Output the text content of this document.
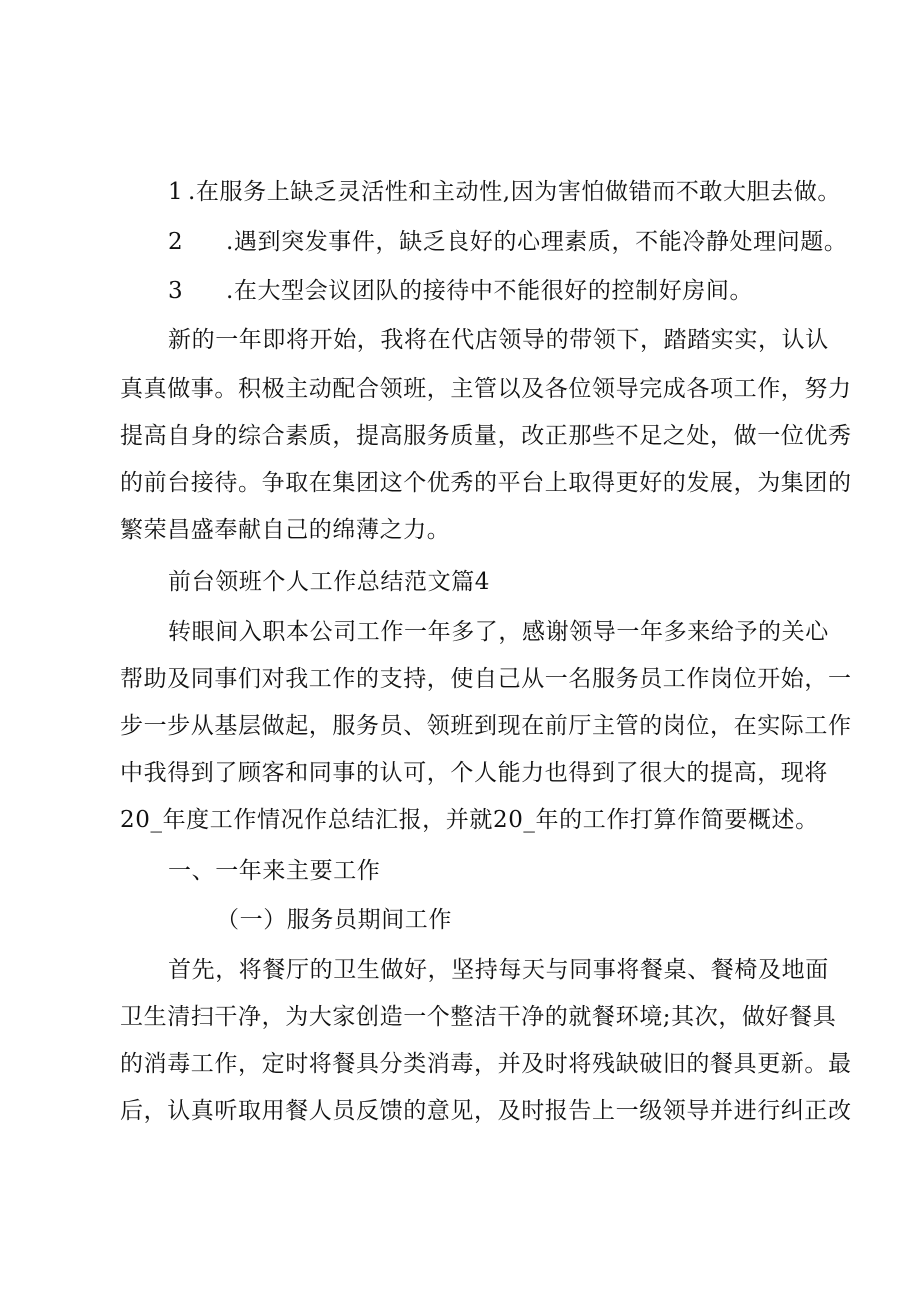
1 .在服务上缺乏灵活性和主动性,因为害怕做错而不敢大胆去做。
2 .遇到突发事件，缺乏良好的心理素质，不能冷静处理问题。
3 .在大型会议团队的接待中不能很好的控制好房间。
新的一年即将开始，我将在代店领导的带领下，踏踏实实，认认
真真做事。积极主动配合领班，主管以及各位领导完成各项工作，努力
提高自身的综合素质，提高服务质量，改正那些不足之处，做一位优秀
的前台接待。争取在集团这个优秀的平台上取得更好的发展，为集团的
繁荣昌盛奉献自己的绵薄之力。
前台领班个人工作总结范文篇4
转眼间入职本公司工作一年多了，感谢领导一年多来给予的关心
帮助及同事们对我工作的支持，使自己从一名服务员工作岗位开始，一
步一步从基层做起，服务员、领班到现在前厅主管的岗位，在实际工作
中我得到了顾客和同事的认可，个人能力也得到了很大的提高，现将
20_年度工作情况作总结汇报，并就20_年的工作打算作简要概述。
一、一年来主要工作
（一）服务员期间工作
首先，将餐厅的卫生做好，坚持每天与同事将餐桌、餐椅及地面
卫生清扫干净，为大家创造一个整洁干净的就餐环境;其次，做好餐具
的消毒工作，定时将餐具分类消毒，并及时将残缺破旧的餐具更新。最
后，认真听取用餐人员反馈的意见，及时报告上一级领导并进行纠正改
